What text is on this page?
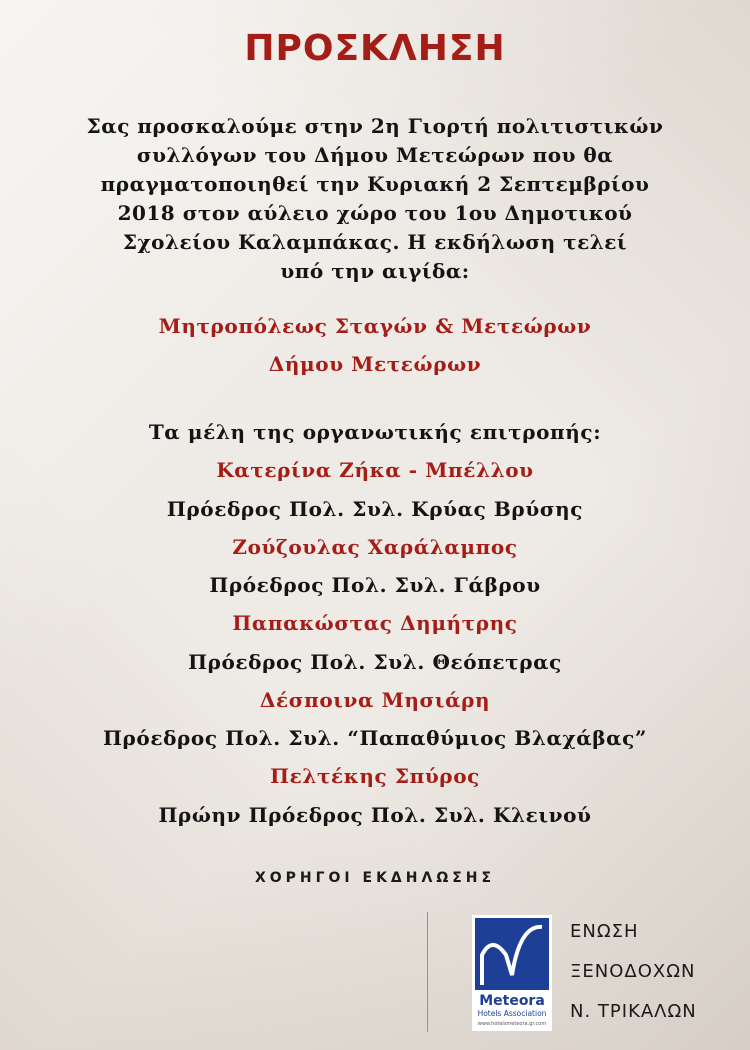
ΠΡΟΣΚΛΗΣΗ
Σας προσκαλούμε στην 2η Γιορτή πολιτιστικών
συλλόγων του Δήμου Μετεώρων που θα
πραγματοποιηθεί την Κυριακή 2 Σεπτεμβρίου
2018 στον αύλειο χώρο του 1ου Δημοτικού
Σχολείου Καλαμπάκας. Η εκδήλωση τελεί
υπό την αιγίδα:
Μητροπόλεως Σταγών & Μετεώρων
Δήμου Μετεώρων
Τα μέλη της οργανωτικής επιτροπής:
Κατερίνα Ζήκα - Μπέλλου
Πρόεδρος Πολ. Συλ. Κρύας Βρύσης
Ζούζουλας Χαράλαμπος
Πρόεδρος Πολ. Συλ. Γάβρου
Παπακώστας Δημήτρης
Πρόεδρος Πολ. Συλ. Θεόπετρας
Δέσποινα Μησιάρη
Πρόεδρος Πολ. Συλ. “Παπαθύμιος Βλαχάβας”
Πελτέκης Σπύρος
Πρώην Πρόεδρος Πολ. Συλ. Κλεινού
ΧΟΡΗΓΟΙ ΕΚΔΗΛΩΣΗΣ
Meteora
Hotels Association
www.hotelsmeteora.gr.com
ΕΝΩΣΗ
ΞΕΝΟΔΟΧΩΝ
Ν. ΤΡΙΚΑΛΩΝ
